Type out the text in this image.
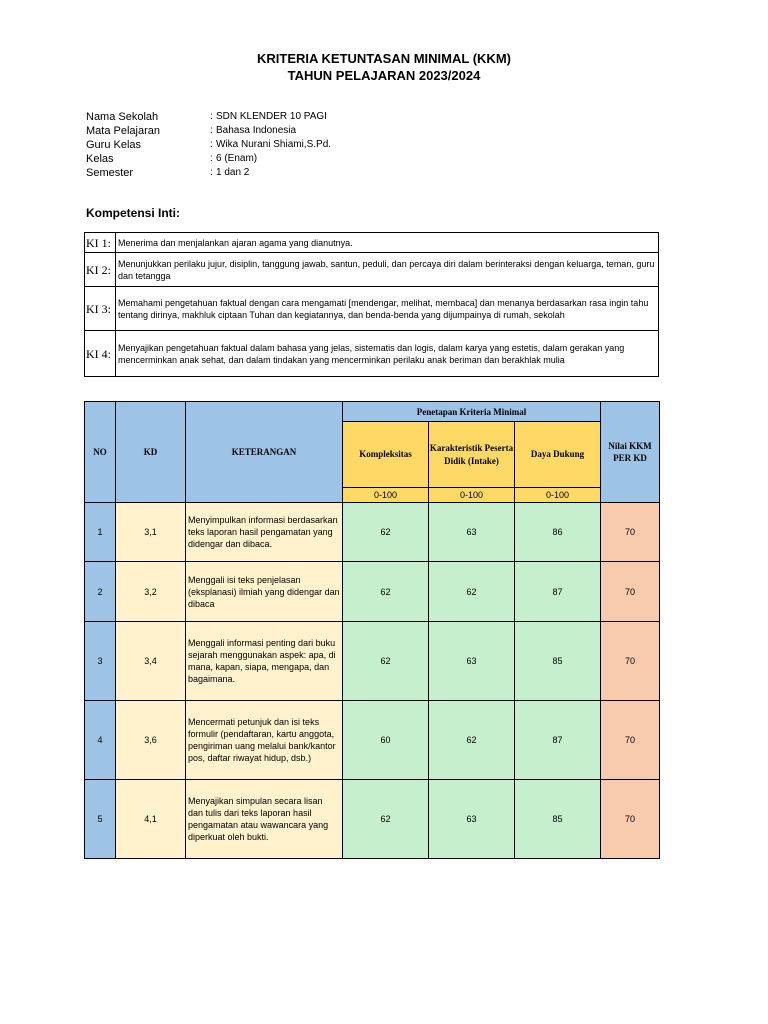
KRITERIA KETUNTASAN MINIMAL (KKM)
TAHUN PELAJARAN 2023/2024
Nama Sekolah	: SDN KLENDER 10 PAGI
Mata Pelajaran	: Bahasa Indonesia
Guru Kelas	: Wika Nurani Shiami,S.Pd.
Kelas	: 6 (Enam)
Semester	: 1 dan 2
Kompetensi Inti:
KI 1:	Menerima dan menjalankan ajaran agama yang dianutnya.
KI 2:	Menunjukkan perilaku jujur, disiplin, tanggung jawab, santun, peduli, dan percaya diri dalam berinteraksi dengan keluarga, teman, guru dan tetangga
KI 3:	Memahami pengetahuan faktual dengan cara mengamati [mendengar, melihat, membaca] dan menanya berdasarkan rasa ingin tahu tentang dirinya, makhluk ciptaan Tuhan dan kegiatannya, dan benda-benda yang dijumpainya di rumah, sekolah
KI 4:	Menyajikan pengetahuan faktual dalam bahasa yang jelas, sistematis dan logis, dalam karya yang estetis, dalam gerakan yang mencerminkan anak sehat, dan dalam tindakan yang mencerminkan perilaku anak beriman dan berakhlak mulia
NO	KD	KETERANGAN	Penetapan Kriteria Minimal			Nilai KKM PER KD
			Kompleksitas	Karakteristik Peserta Didik (Intake)	Daya Dukung	
			0-100	0-100	0-100	
1	3,1	Menyimpulkan informasi berdasarkan teks laporan hasil pengamatan yang didengar dan dibaca.	62	63	86	70
2	3,2	Menggali isi teks penjelasan (eksplanasi) ilmiah yang didengar dan dibaca	62	62	87	70
3	3,4	Menggali informasi penting dari buku sejarah menggunakan aspek: apa, di mana, kapan, siapa, mengapa, dan bagaimana.	62	63	85	70
4	3,6	Mencermati petunjuk dan isi teks formulir (pendaftaran, kartu anggota, pengiriman uang melalui bank/kantor pos, daftar riwayat hidup, dsb.)	60	62	87	70
5	4,1	Menyajikan simpulan secara lisan dan tulis dari teks laporan hasil pengamatan atau wawancara yang diperkuat oleh bukti.	62	63	85	70
